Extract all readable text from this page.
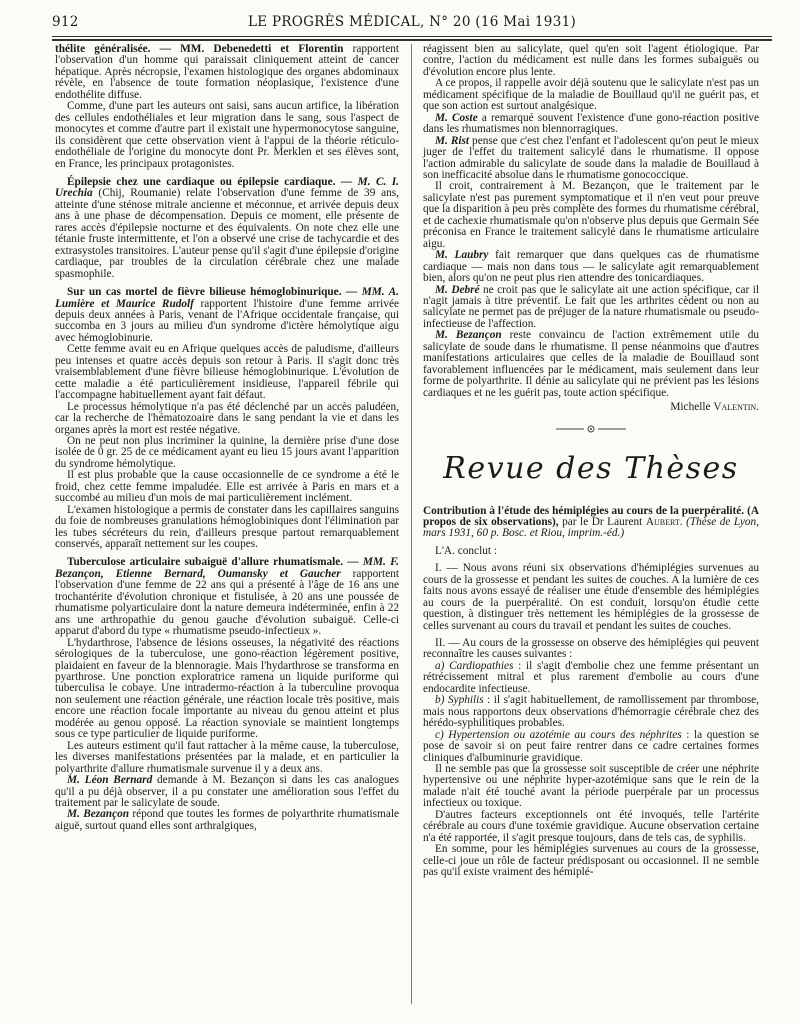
912	LE PROGRÈS MÉDICAL, N° 20 (16 Mai 1931)

thélite généralisée. — MM. Debenedetti et Florentin rapportent l'observation d'un homme qui paraissait cliniquement atteint de cancer hépatique. Après nécropsie, l'examen histologique des organes abdominaux révèle, en l'absence de toute formation néoplasique, l'existence d'une endothélite diffuse.

Comme, d'une part les auteurs ont saisi, sans aucun artifice, la libération des cellules endothéliales et leur migration dans le sang, sous l'aspect de monocytes et comme d'autre part il existait une hypermonocytose sanguine, ils considèrent que cette observation vient à l'appui de la théorie réticulo-endothéliale de l'origine du monocyte dont Pr. Merklen et ses élèves sont, en France, les principaux protagonistes.

Épilepsie chez une cardiaque ou épilepsie cardiaque. — M. C. I. Urechia (Chij, Roumanie) relate l'observation d'une femme de 39 ans, atteinte d'une sténose mitrale ancienne et méconnue, et arrivée depuis deux ans à une phase de décompensation. Depuis ce moment, elle présente de rares accès d'épilepsie nocturne et des équivalents. On note chez elle une tétanie fruste intermittente, et l'on a observé une crise de tachycardie et des extrasystoles transitoires. L'auteur pense qu'il s'agit d'une épilepsie d'origine cardiaque, par troubles de la circulation cérébrale chez une malade spasmophile.

Sur un cas mortel de fièvre bilieuse hémoglobinurique. — MM. A. Lumière et Maurice Rudolf rapportent l'histoire d'une femme arrivée depuis deux années à Paris, venant de l'Afrique occidentale française, qui succomba en 3 jours au milieu d'un syndrome d'ictère hémolytique aigu avec hémoglobinurie.

Cette femme avait eu en Afrique quelques accès de paludisme, d'ailleurs peu intenses et quatre accès depuis son retour à Paris. Il s'agit donc très vraisemblablement d'une fièvre bilieuse hémoglobinurique. L'évolution de cette maladie a été particulièrement insidieuse, l'appareil fébrile qui l'accompagne habituellement ayant fait défaut.

Le processus hémolytique n'a pas été déclenché par un accès paludéen, car la recherche de l'hématozoaire dans le sang pendant la vie et dans les organes après la mort est restée négative.

On ne peut non plus incriminer la quinine, la dernière prise d'une dose isolée de 0 gr. 25 de ce médicament ayant eu lieu 15 jours avant l'apparition du syndrome hémolytique.

Il est plus probable que la cause occasionnelle de ce syndrome a été le froid, chez cette femme impaludée. Elle est arrivée à Paris en mars et a succombé au milieu d'un mois de mai particulièrement inclément.

L'examen histologique a permis de constater dans les capillaires sanguins du foie de nombreuses granulations hémoglobiniques dont l'élimination par les tubes sécréteurs du rein, d'ailleurs presque partout remarquablement conservés, apparaît nettement sur les coupes.

Tuberculose articulaire subaiguë d'allure rhumatismale. — MM. F. Bezançon, Etienne Bernard, Oumansky et Gaucher rapportent l'observation d'une femme de 22 ans qui a présenté à l'âge de 16 ans une trochantérite d'évolution chronique et fistulisée, à 20 ans une poussée de rhumatisme polyarticulaire dont la nature demeura indéterminée, enfin à 22 ans une arthropathie du genou gauche d'évolution subaiguë. Celle-ci apparut d'abord du type « rhumatisme pseudo-infectieux ».

L'hydarthrose, l'absence de lésions osseuses, la négativité des réactions sérologiques de la tuberculose, une gono-réaction légèrement positive, plaidaient en faveur de la blennoragie. Mais l'hydarthrose se transforma en pyarthrose. Une ponction exploratrice ramena un liquide puriforme qui tuberculisa le cobaye. Une intradermo-réaction à la tuberculine provoqua non seulement une réaction générale, une réaction locale très positive, mais encore une réaction focale importante au niveau du genou atteint et plus modérée au genou opposé. La réaction synoviale se maintient longtemps sous ce type particulier de liquide puriforme.

Les auteurs estiment qu'il faut rattacher à la même cause, la tuberculose, les diverses manifestations présentées par la malade, et en particulier la polyarthrite d'allure rhumatismale survenue il y a deux ans.

M. Léon Bernard demande à M. Bezançon si dans les cas analogues qu'il a pu déjà observer, il a pu constater une amélioration sous l'effet du traitement par le salicylate de soude.

M. Bezançon répond que toutes les formes de polyarthrite rhumatismale aiguë, surtout quand elles sont arthralgiques,

réagissent bien au salicylate, quel qu'en soit l'agent étiologique. Par contre, l'action du médicament est nulle dans les formes subaiguës ou d'évolution encore plus lente.

A ce propos, il rappelle avoir déjà soutenu que le salicylate n'est pas un médicament spécifique de la maladie de Bouillaud qu'il ne guérit pas, et que son action est surtout analgésique.

M. Coste a remarqué souvent l'existence d'une gono-réaction positive dans les rhumatismes non blennorragiques.

M. Rist pense que c'est chez l'enfant et l'adolescent qu'on peut le mieux juger de l'effet du traitement salicylé dans le rhumatisme. Il oppose l'action admirable du salicylate de soude dans la maladie de Bouillaud à son inefficacité absolue dans le rhumatisme gonococcique.

Il croit, contrairement à M. Bezançon, que le traitement par le salicylate n'est pas purement symptomatique et il n'en veut pour preuve que la disparition à peu près complète des formes du rhumatisme cérébral, et de cachexie rhumatismale qu'on n'observe plus depuis que Germain Sée préconisa en France le traitement salicylé dans le rhumatisme articulaire aigu.

M. Laubry fait remarquer que dans quelques cas de rhumatisme cardiaque — mais non dans tous — le salicylate agit remarquablement bien, alors qu'on ne peut plus rien attendre des tonicardiaques.

M. Debré ne croit pas que le salicylate ait une action spécifique, car il n'agit jamais à titre préventif. Le fait que les arthrites cèdent ou non au salicylate ne permet pas de préjuger de la nature rhumatismale ou pseudo-infectieuse de l'affection.

M. Bezançon reste convaincu de l'action extrêmement utile du salicylate de soude dans le rhumatisme. Il pense néanmoins que d'autres manifestations articulaires que celles de la maladie de Bouillaud sont favorablement influencées par le médicament, mais seulement dans leur forme de polyarthrite. Il dénie au salicylate qui ne prévient pas les lésions cardiaques et ne les guérit pas, toute action spécifique.

Michelle Valentin.

Revue des Thèses

Contribution à l'étude des hémiplégies au cours de la puerpéralité. (A propos de six observations), par le Dr Laurent Aubert. (Thèse de Lyon, mars 1931, 60 p. Bosc. et Riou, imprim.-éd.)

L'A. conclut :

I. — Nous avons réuni six observations d'hémiplégies survenues au cours de la grossesse et pendant les suites de couches. A la lumière de ces faits nous avons essayé de réaliser une étude d'ensemble des hémiplégies au cours de la puerpéralité. On est conduit, lorsqu'on étudie cette question, à distinguer très nettement les hémiplégies de la grossesse de celles survenant au cours du travail et pendant les suites de couches.

II. — Au cours de la grossesse on observe des hémiplégies qui peuvent reconnaître les causes suivantes :

a) Cardiopathies : il s'agit d'embolie chez une femme présentant un rétrécissement mitral et plus rarement d'embolie au cours d'une endocardite infectieuse.

b) Syphilis : il s'agit habituellement, de ramollissement par thrombose, mais nous rapportons deux observations d'hémorragie cérébrale chez des hérédo-syphilitiques probables.

c) Hypertension ou azotémie au cours des néphrites : la question se pose de savoir si on peut faire rentrer dans ce cadre certaines formes cliniques d'albuminurie gravidique.

Il ne semble pas que la grossesse soit susceptible de créer une néphrite hypertensive ou une néphrite hyper-azotémique sans que le rein de la malade n'ait été touché avant la période puerpérale par un processus infectieux ou toxique.

D'autres facteurs exceptionnels ont été invoqués, telle l'artérite cérébrale au cours d'une toxémie gravidique. Aucune observation certaine n'a été rapportée, il s'agit presque toujours, dans de tels cas, de syphilis.

En somme, pour les hémiplégies survenues au cours de la grossesse, celle-ci joue un rôle de facteur prédisposant ou occasionnel. Il ne semble pas qu'il existe vraiment des hémiplé-
